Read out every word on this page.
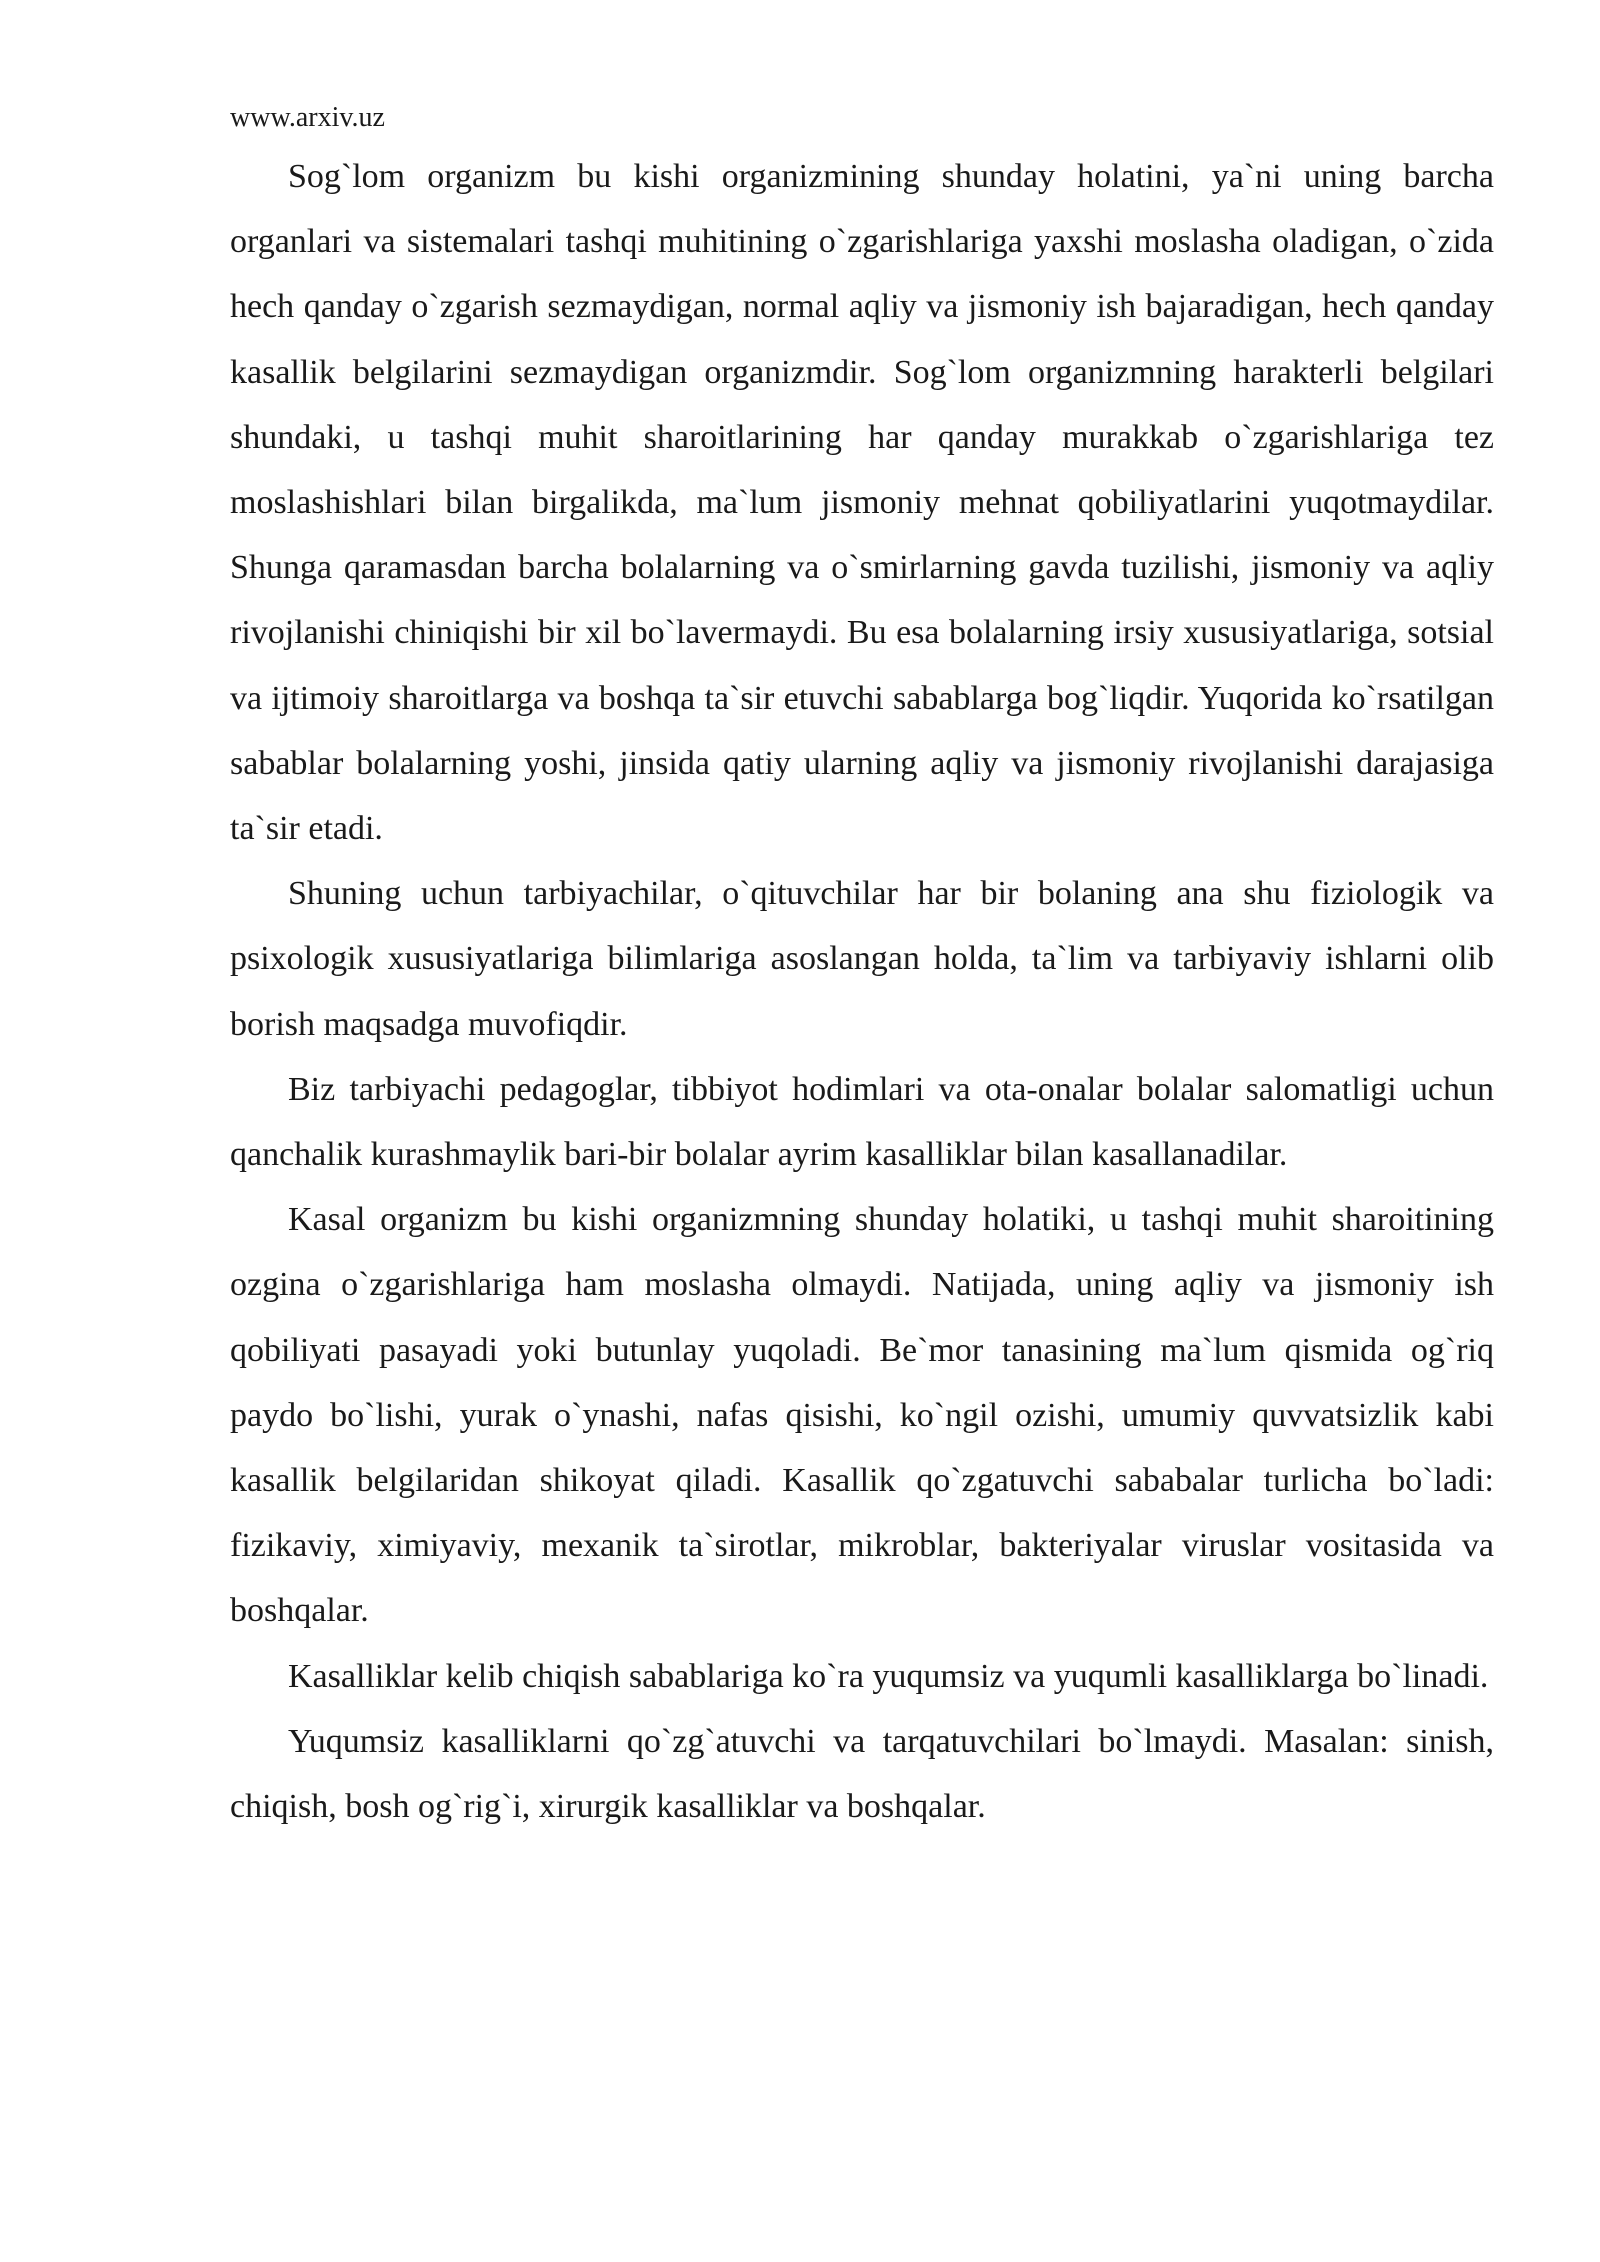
www.arxiv.uz

Sog`lom organizm bu kishi organizmining shunday holatini, ya`ni uning barcha organlari va sistemalari tashqi muhitining o`zgarishlariga yaxshi moslasha oladigan, o`zida hech qanday o`zgarish sezmaydigan, normal aqliy va jismoniy ish bajaradigan, hech qanday kasallik belgilarini sezmaydigan organizmdir. Sog`lom organizmning harakterli belgilari shundaki, u tashqi muhit sharoitlarining har qanday murakkab o`zgarishlariga tez moslashishlari bilan birgalikda, ma`lum jismoniy mehnat qobiliyatlarini yuqotmaydilar. Shunga qaramasdan barcha bolalarning va o`smirlarning gavda tuzilishi, jismoniy va aqliy rivojlanishi chiniqishi bir xil bo`lavermaydi. Bu esa bolalarning irsiy xususiyatlariga, sotsial va ijtimoiy sharoitlarga va boshqa ta`sir etuvchi sabablarga bog`liqdir. Yuqorida ko`rsatilgan sabablar bolalarning yoshi, jinsida qatiy ularning aqliy va jismoniy rivojlanishi darajasiga ta`sir etadi.

Shuning uchun tarbiyachilar, o`qituvchilar har bir bolaning ana shu fiziologik va psixologik xususiyatlariga bilimlariga asoslangan holda, ta`lim va tarbiyaviy ishlarni olib borish maqsadga muvofiqdir.

Biz tarbiyachi pedagoglar, tibbiyot hodimlari va ota-onalar bolalar salomatligi uchun qanchalik kurashmaylik bari-bir bolalar ayrim kasalliklar bilan kasallanadilar.

Kasal organizm bu kishi organizmning shunday holatiki, u tashqi muhit sharoitining ozgina o`zgarishlariga ham moslasha olmaydi. Natijada, uning aqliy va jismoniy ish qobiliyati pasayadi yoki butunlay yuqoladi. Be`mor tanasining ma`lum qismida og`riq paydo bo`lishi, yurak o`ynashi, nafas qisishi, ko`ngil ozishi, umumiy quvvatsizlik kabi kasallik belgilaridan shikoyat qiladi. Kasallik qo`zgatuvchi sababalar turlicha bo`ladi: fizikaviy, ximiyaviy, mexanik ta`sirotlar, mikroblar, bakteriyalar viruslar vositasida va boshqalar.

Kasalliklar kelib chiqish sabablariga ko`ra yuqumsiz va yuqumli kasalliklarga bo`linadi.

Yuqumsiz kasalliklarni qo`zg`atuvchi va tarqatuvchilari bo`lmaydi. Masalan: sinish, chiqish, bosh og`rig`i, xirurgik kasalliklar va boshqalar.
